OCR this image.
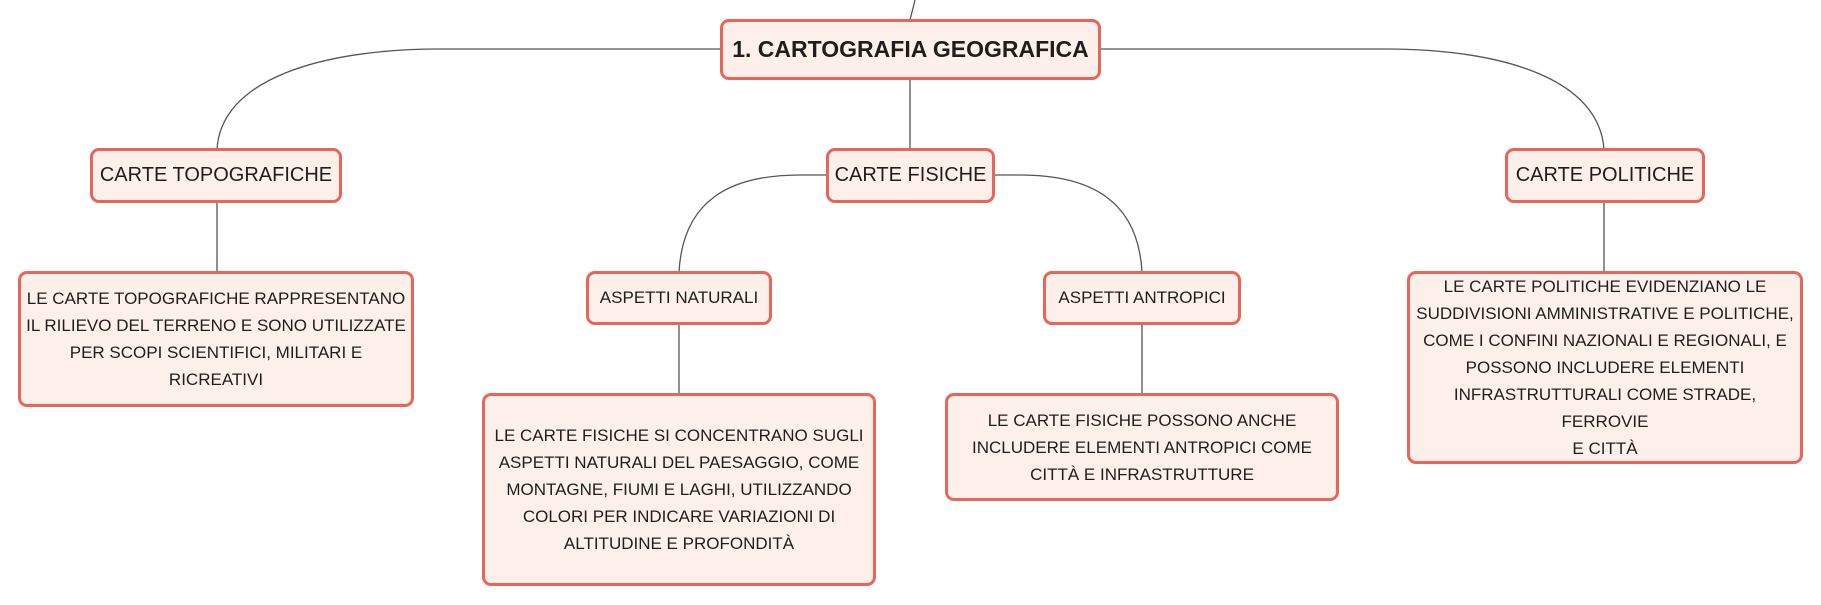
1. CARTOGRAFIA GEOGRAFICA
CARTE TOPOGRAFICHE	CARTE FISICHE	CARTE POLITICHE
ASPETTI NATURALI	ASPETTI ANTROPICI
LE CARTE TOPOGRAFICHE RAPPRESENTANO
IL RILIEVO DEL TERRENO E SONO UTILIZZATE
PER SCOPI SCIENTIFICI, MILITARI E RICREATIVI
LE CARTE FISICHE SI CONCENTRANO SUGLI
ASPETTI NATURALI DEL PAESAGGIO, COME
MONTAGNE, FIUMI E LAGHI, UTILIZZANDO
COLORI PER INDICARE VARIAZIONI DI
ALTITUDINE E PROFONDITÀ
LE CARTE FISICHE POSSONO ANCHE
INCLUDERE ELEMENTI ANTROPICI COME
CITTÀ E INFRASTRUTTURE
LE CARTE POLITICHE EVIDENZIANO LE
SUDDIVISIONI AMMINISTRATIVE E POLITICHE,
COME I CONFINI NAZIONALI E REGIONALI, E
POSSONO INCLUDERE ELEMENTI
INFRASTRUTTURALI COME STRADE, FERROVIE
E CITTÀ
